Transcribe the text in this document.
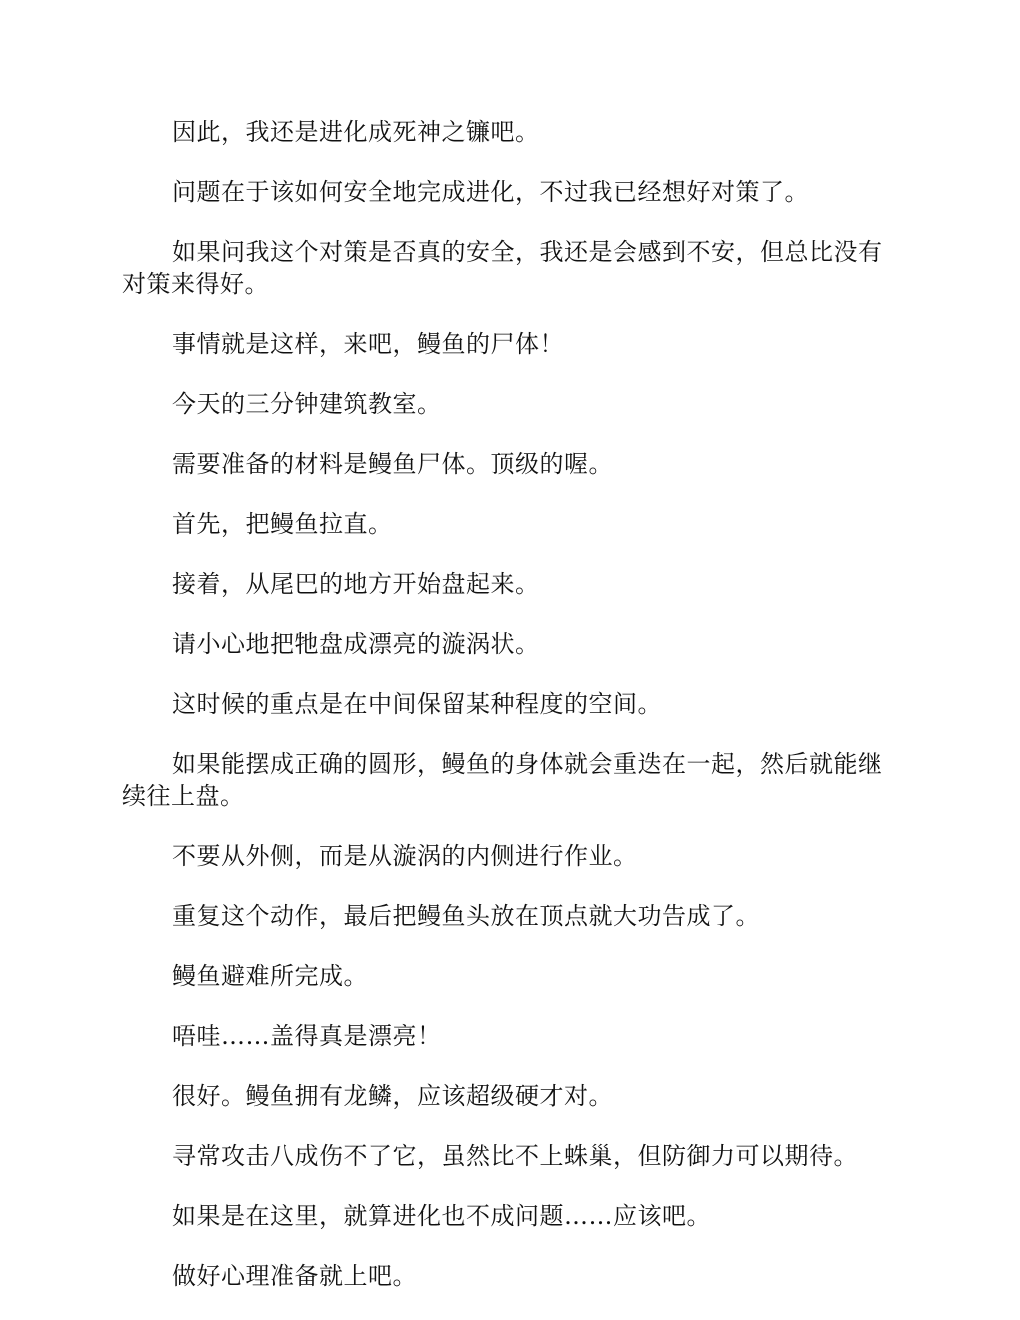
因此，我还是进化成死神之镰吧。

问题在于该如何安全地完成进化，不过我已经想好对策了。

如果问我这个对策是否真的安全，我还是会感到不安，但总比没有对策来得好。

事情就是这样，来吧，鳗鱼的尸体！

今天的三分钟建筑教室。

需要准备的材料是鳗鱼尸体。顶级的喔。

首先，把鳗鱼拉直。

接着，从尾巴的地方开始盘起来。

请小心地把牠盘成漂亮的漩涡状。

这时候的重点是在中间保留某种程度的空间。

如果能摆成正确的圆形，鳗鱼的身体就会重迭在一起，然后就能继续往上盘。

不要从外侧，而是从漩涡的内侧进行作业。

重复这个动作，最后把鳗鱼头放在顶点就大功告成了。

鳗鱼避难所完成。

唔哇……盖得真是漂亮！

很好。鳗鱼拥有龙鳞，应该超级硬才对。

寻常攻击八成伤不了它，虽然比不上蛛巢，但防御力可以期待。

如果是在这里，就算进化也不成问题……应该吧。

做好心理准备就上吧。
